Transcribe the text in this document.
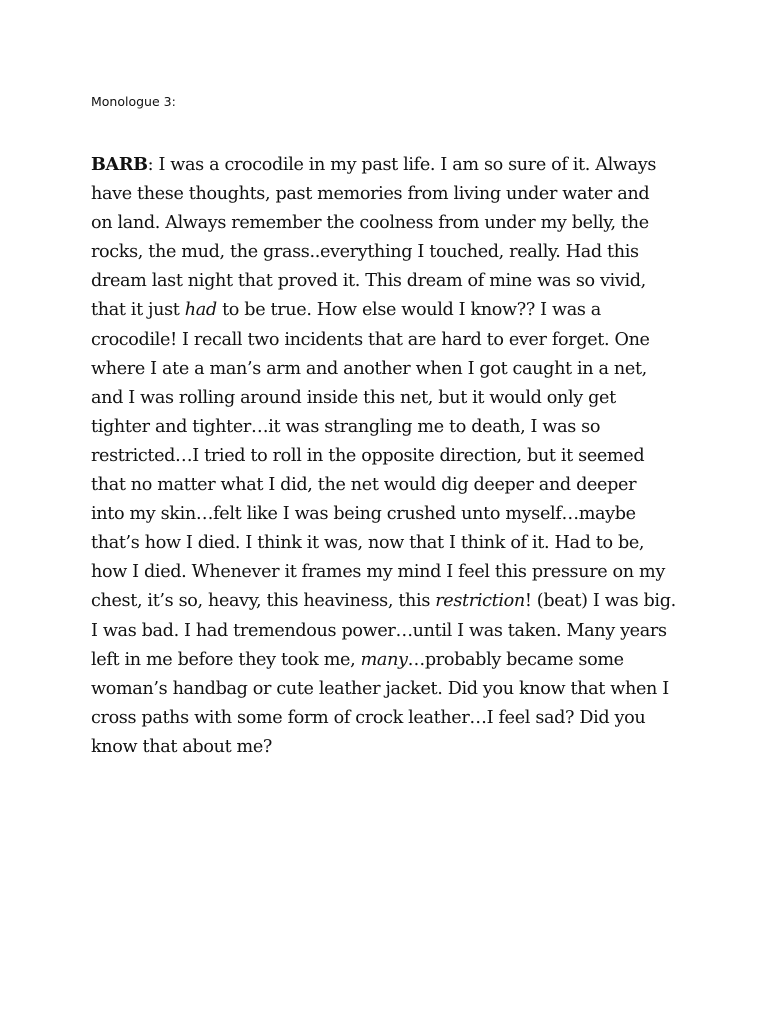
Monologue 3:

BARB: I was a crocodile in my past life. I am so sure of it. Always
have these thoughts, past memories from living under water and
on land. Always remember the coolness from under my belly, the
rocks, the mud, the grass..everything I touched, really. Had this
dream last night that proved it. This dream of mine was so vivid,
that it just had to be true. How else would I know?? I was a
crocodile! I recall two incidents that are hard to ever forget. One
where I ate a man’s arm and another when I got caught in a net,
and I was rolling around inside this net, but it would only get
tighter and tighter…it was strangling me to death, I was so
restricted…I tried to roll in the opposite direction, but it seemed
that no matter what I did, the net would dig deeper and deeper
into my skin…felt like I was being crushed unto myself…maybe
that’s how I died. I think it was, now that I think of it. Had to be,
how I died. Whenever it frames my mind I feel this pressure on my
chest, it’s so, heavy, this heaviness, this restriction! (beat) I was big.
I was bad. I had tremendous power…until I was taken. Many years
left in me before they took me, many…probably became some
woman’s handbag or cute leather jacket. Did you know that when I
cross paths with some form of crock leather…I feel sad? Did you
know that about me?
